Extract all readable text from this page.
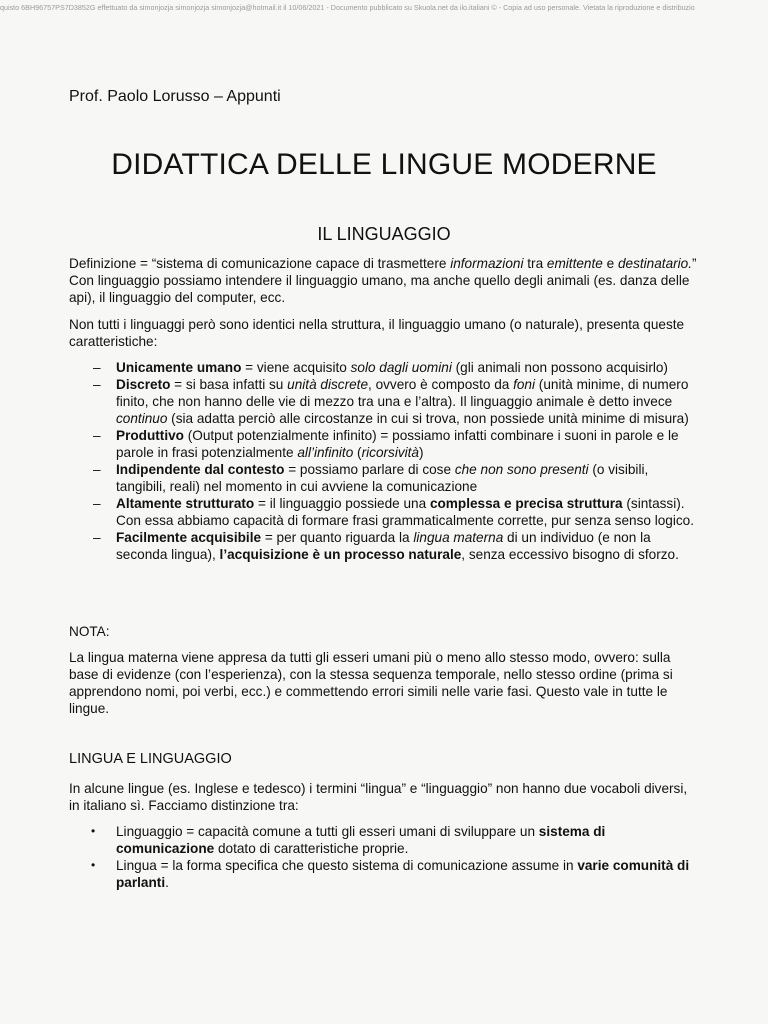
quisto 6BH96757PS7D3852G effettuato da simonjozja simonjozja simonjozja@hotmail.it il 10/06/2021 - Documento pubblicato su Skuola.net da ilo.italiani © - Copia ad uso personale. Vietata la riproduzione e distribuzio
Prof. Paolo Lorusso – Appunti
DIDATTICA DELLE LINGUE MODERNE
IL LINGUAGGIO

Definizione = “sistema di comunicazione capace di trasmettere informazioni tra emittente e destinatario.” Con linguaggio possiamo intendere il linguaggio umano, ma anche quello degli animali (es. danza delle api), il linguaggio del computer, ecc.

Non tutti i linguaggi però sono identici nella struttura, il linguaggio umano (o naturale), presenta queste caratteristiche:

– Unicamente umano = viene acquisito solo dagli uomini (gli animali non possono acquisirlo)
– Discreto = si basa infatti su unità discrete, ovvero è composto da foni (unità minime, di numero finito, che non hanno delle vie di mezzo tra una e l’altra). Il linguaggio animale è detto invece continuo (sia adatta perciò alle circostanze in cui si trova, non possiede unità minime di misura)
– Produttivo (Output potenzialmente infinito) = possiamo infatti combinare i suoni in parole e le parole in frasi potenzialmente all’infinito (ricorsività)
– Indipendente dal contesto = possiamo parlare di cose che non sono presenti (o visibili, tangibili, reali) nel momento in cui avviene la comunicazione
– Altamente strutturato = il linguaggio possiede una complessa e precisa struttura (sintassi). Con essa abbiamo capacità di formare frasi grammaticalmente corrette, pur senza senso logico.
– Facilmente acquisibile = per quanto riguarda la lingua materna di un individuo (e non la seconda lingua), l’acquisizione è un processo naturale, senza eccessivo bisogno di sforzo.

NOTA:

La lingua materna viene appresa da tutti gli esseri umani più o meno allo stesso modo, ovvero: sulla base di evidenze (con l’esperienza), con la stessa sequenza temporale, nello stesso ordine (prima si apprendono nomi, poi verbi, ecc.) e commettendo errori simili nelle varie fasi. Questo vale in tutte le lingue.

LINGUA E LINGUAGGIO

In alcune lingue (es. Inglese e tedesco) i termini “lingua” e “linguaggio” non hanno due vocaboli diversi, in italiano sì. Facciamo distinzione tra:

• Linguaggio = capacità comune a tutti gli esseri umani di sviluppare un sistema di comunicazione dotato di caratteristiche proprie.
• Lingua = la forma specifica che questo sistema di comunicazione assume in varie comunità di parlanti.
